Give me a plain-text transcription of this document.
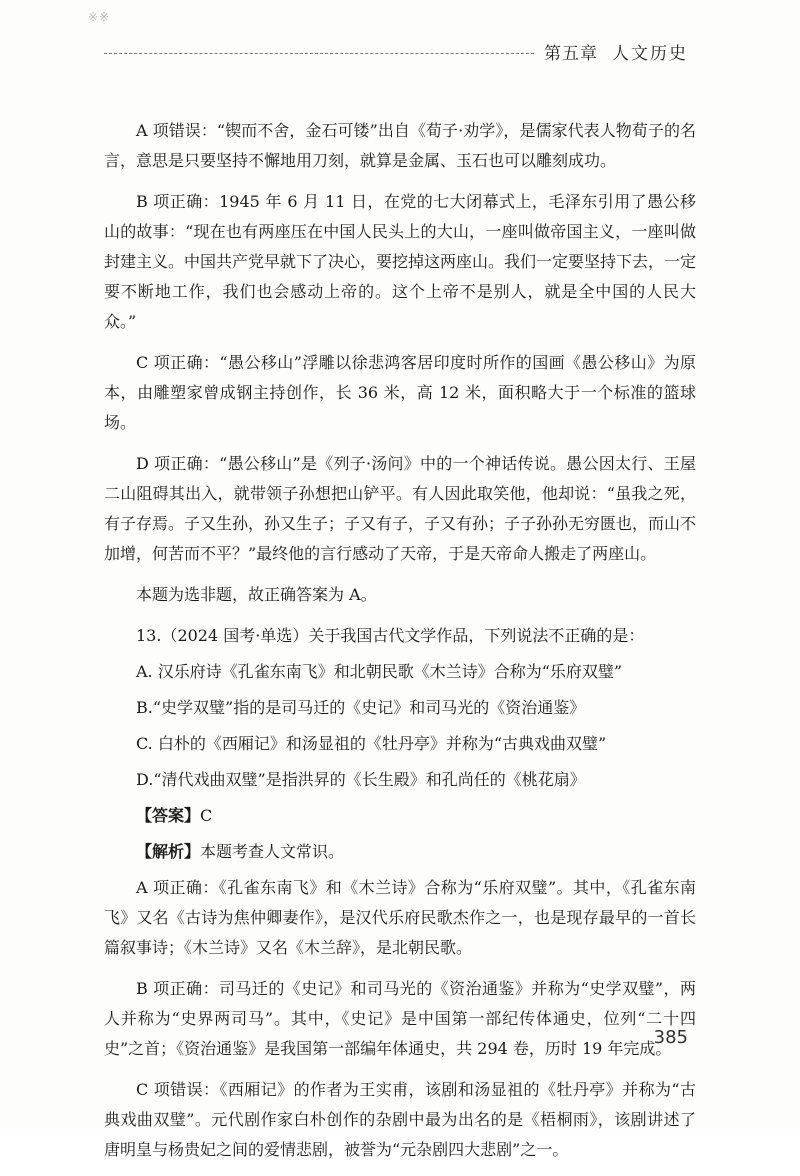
※※
第五章 人文历史

A 项错误：“锲而不舍，金石可镂”出自《荀子·劝学》，是儒家代表人物荀子的名言，意思是只要坚持不懈地用刀刻，就算是金属、玉石也可以雕刻成功。

B 项正确：1945 年 6 月 11 日，在党的七大闭幕式上，毛泽东引用了愚公移山的故事：“现在也有两座压在中国人民头上的大山，一座叫做帝国主义，一座叫做封建主义。中国共产党早就下了决心，要挖掉这两座山。我们一定要坚持下去，一定要不断地工作，我们也会感动上帝的。这个上帝不是别人，就是全中国的人民大众。”

C 项正确：“愚公移山”浮雕以徐悲鸿客居印度时所作的国画《愚公移山》为原本，由雕塑家曾成钢主持创作，长 36 米，高 12 米，面积略大于一个标准的篮球场。

D 项正确：“愚公移山”是《列子·汤问》中的一个神话传说。愚公因太行、王屋二山阻碍其出入，就带领子孙想把山铲平。有人因此取笑他，他却说：“虽我之死，有子存焉。子又生孙，孙又生子；子又有子，子又有孙；子子孙孙无穷匮也，而山不加增，何苦而不平？”最终他的言行感动了天帝，于是天帝命人搬走了两座山。

本题为选非题，故正确答案为 A。

13.（2024 国考·单选）关于我国古代文学作品，下列说法不正确的是：

A. 汉乐府诗《孔雀东南飞》和北朝民歌《木兰诗》合称为“乐府双璧”

B.“史学双璧”指的是司马迁的《史记》和司马光的《资治通鉴》

C. 白朴的《西厢记》和汤显祖的《牡丹亭》并称为“古典戏曲双璧”

D.“清代戏曲双璧”是指洪昇的《长生殿》和孔尚任的《桃花扇》

【答案】C

【解析】本题考查人文常识。

A 项正确：《孔雀东南飞》和《木兰诗》合称为“乐府双璧”。其中，《孔雀东南飞》又名《古诗为焦仲卿妻作》，是汉代乐府民歌杰作之一，也是现存最早的一首长篇叙事诗；《木兰诗》又名《木兰辞》，是北朝民歌。

B 项正确：司马迁的《史记》和司马光的《资治通鉴》并称为“史学双璧”，两人并称为“史界两司马”。其中，《史记》是中国第一部纪传体通史，位列“二十四史”之首；《资治通鉴》是我国第一部编年体通史，共 294 卷，历时 19 年完成。

C 项错误：《西厢记》的作者为王实甫，该剧和汤显祖的《牡丹亭》并称为“古典戏曲双璧”。元代剧作家白朴创作的杂剧中最为出名的是《梧桐雨》，该剧讲述了唐明皇与杨贵妃之间的爱情悲剧，被誉为“元杂剧四大悲剧”之一。

385
